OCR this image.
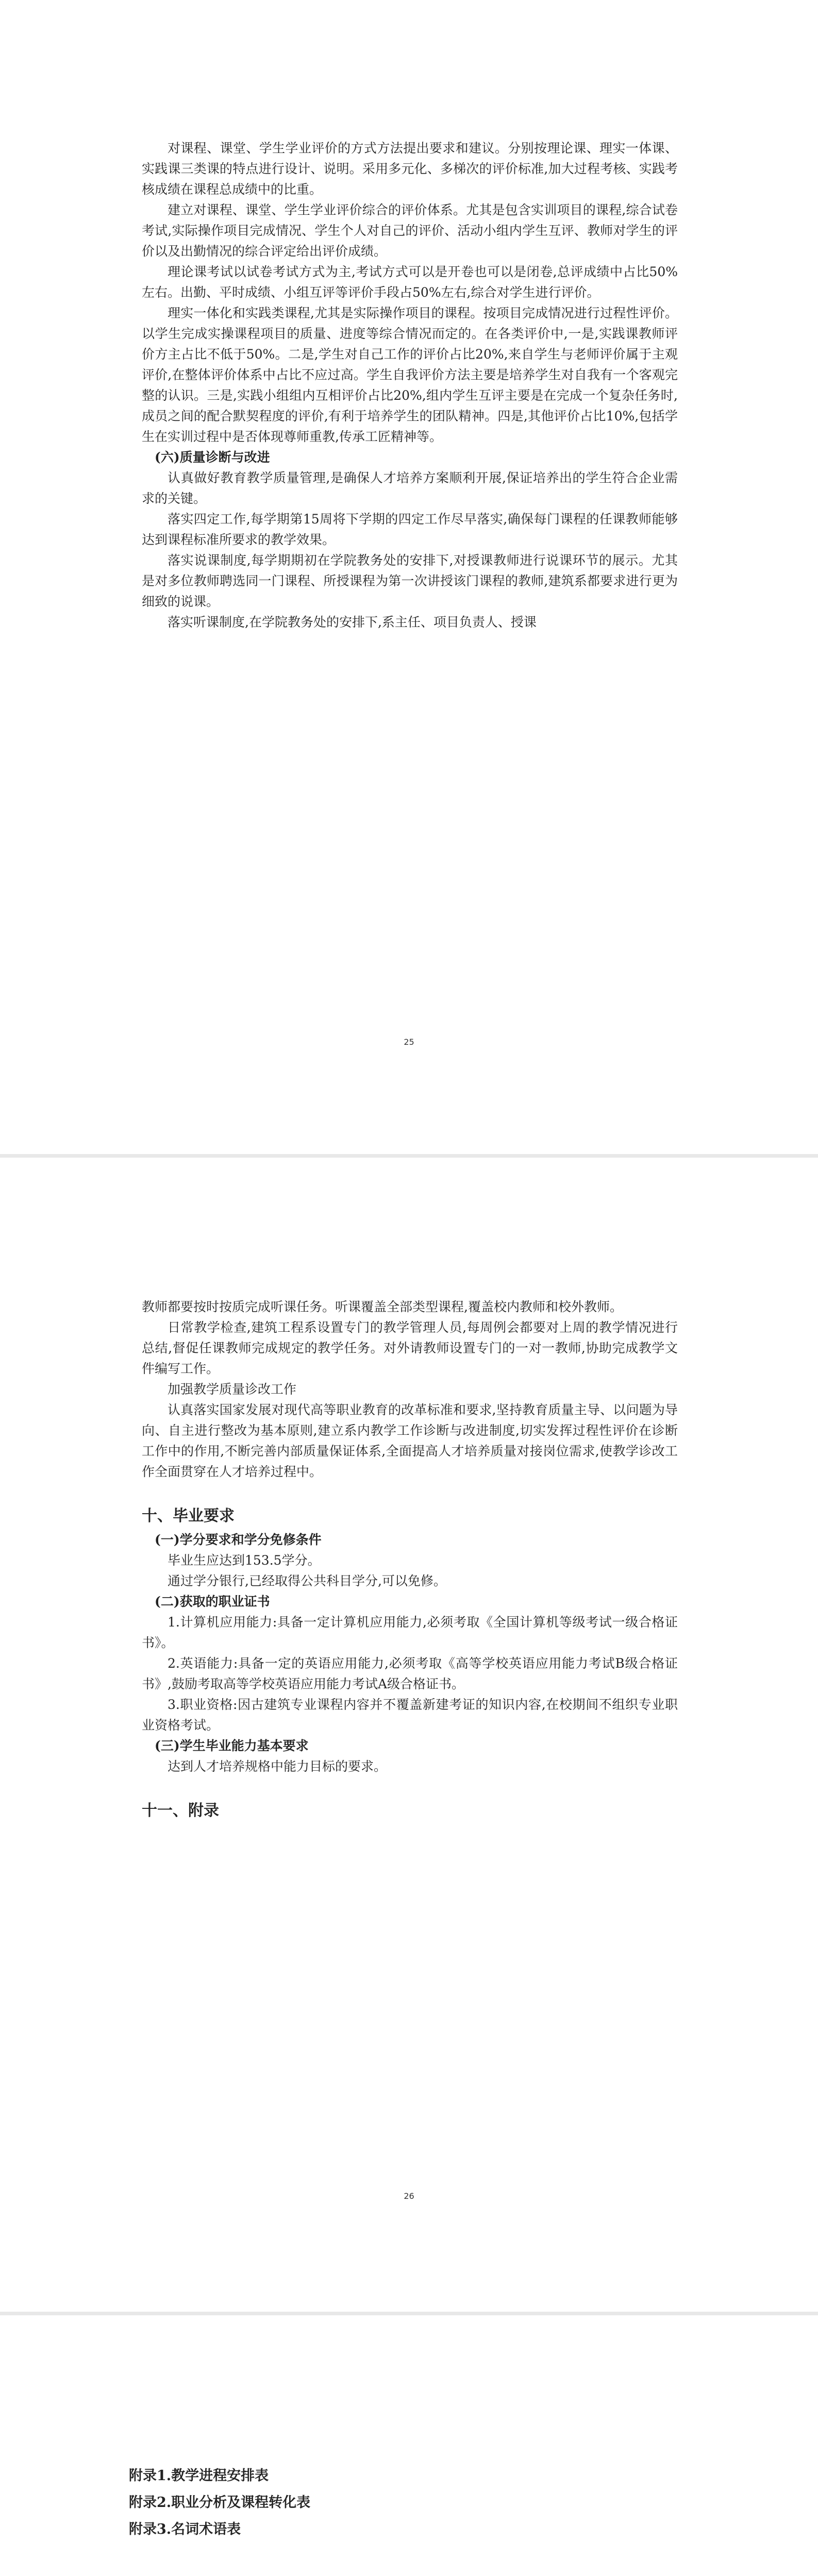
对课程、课堂、学生学业评价的方式方法提出要求和建议。分别按理论课、理实一体课、实践课三类课的特点进行设计、说明。采用多元化、多梯次的评价标准,加大过程考核、实践考核成绩在课程总成绩中的比重。

建立对课程、课堂、学生学业评价综合的评价体系。尤其是包含实训项目的课程,综合试卷考试,实际操作项目完成情况、学生个人对自己的评价、活动小组内学生互评、教师对学生的评价以及出勤情况的综合评定给出评价成绩。

理论课考试以试卷考试方式为主,考试方式可以是开卷也可以是闭卷,总评成绩中占比50%左右。出勤、平时成绩、小组互评等评价手段占50%左右,综合对学生进行评价。

理实一体化和实践类课程,尤其是实际操作项目的课程。按项目完成情况进行过程性评价。以学生完成实操课程项目的质量、进度等综合情况而定的。在各类评价中,一是,实践课教师评价方主占比不低于50%。二是,学生对自己工作的评价占比20%,来自学生与老师评价属于主观评价,在整体评价体系中占比不应过高。学生自我评价方法主要是培养学生对自我有一个客观完整的认识。三是,实践小组组内互相评价占比20%,组内学生互评主要是在完成一个复杂任务时,成员之间的配合默契程度的评价,有利于培养学生的团队精神。四是,其他评价占比10%,包括学生在实训过程中是否体现尊师重教,传承工匠精神等。

(六)质量诊断与改进

认真做好教育教学质量管理,是确保人才培养方案顺利开展,保证培养出的学生符合企业需求的关键。

落实四定工作,每学期第15周将下学期的四定工作尽早落实,确保每门课程的任课教师能够达到课程标准所要求的教学效果。

落实说课制度,每学期期初在学院教务处的安排下,对授课教师进行说课环节的展示。尤其是对多位教师聘选同一门课程、所授课程为第一次讲授该门课程的教师,建筑系都要求进行更为细致的说课。

落实听课制度,在学院教务处的安排下,系主任、项目负责人、授课

25

教师都要按时按质完成听课任务。听课覆盖全部类型课程,覆盖校内教师和校外教师。

日常教学检查,建筑工程系设置专门的教学管理人员,每周例会都要对上周的教学情况进行总结,督促任课教师完成规定的教学任务。对外请教师设置专门的一对一教师,协助完成教学文件编写工作。

加强教学质量诊改工作

认真落实国家发展对现代高等职业教育的改革标准和要求,坚持教育质量主导、以问题为导向、自主进行整改为基本原则,建立系内教学工作诊断与改进制度,切实发挥过程性评价在诊断工作中的作用,不断完善内部质量保证体系,全面提高人才培养质量对接岗位需求,使教学诊改工作全面贯穿在人才培养过程中。

十、毕业要求

(一)学分要求和学分免修条件

毕业生应达到153.5学分。

通过学分银行,已经取得公共科目学分,可以免修。

(二)获取的职业证书

1.计算机应用能力:具备一定计算机应用能力,必须考取《全国计算机等级考试一级合格证书》。

2.英语能力:具备一定的英语应用能力,必须考取《高等学校英语应用能力考试B级合格证书》,鼓励考取高等学校英语应用能力考试A级合格证书。

3.职业资格:因古建筑专业课程内容并不覆盖新建考证的知识内容,在校期间不组织专业职业资格考试。

(三)学生毕业能力基本要求

达到人才培养规格中能力目标的要求。

十一、附录

26

附录1.教学进程安排表

附录2.职业分析及课程转化表

附录3.名词术语表
